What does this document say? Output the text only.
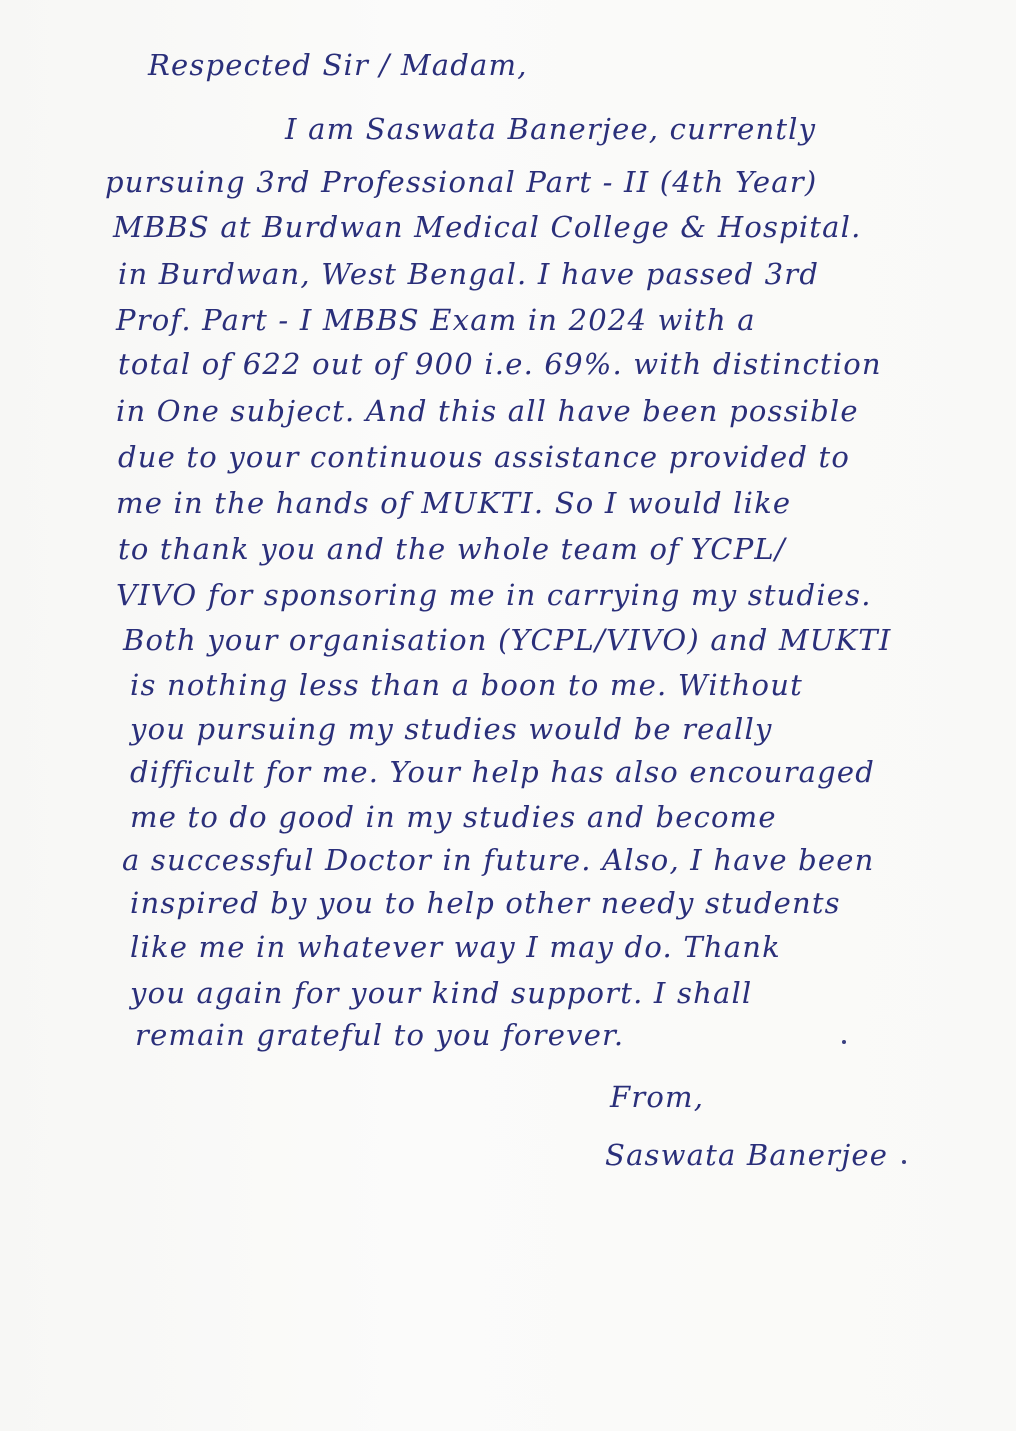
Respected Sir / Madam,
I am Saswata Banerjee, currently
pursuing 3rd Professional Part - II (4th Year)
MBBS at Burdwan Medical College & Hospital.
in Burdwan, West Bengal. I have passed 3rd
Prof. Part - I MBBS Exam in 2024 with a
total of 622 out of 900 i.e. 69%. with distinction
in One subject. And this all have been possible
due to your continuous assistance provided to
me in the hands of MUKTI. So I would like
to thank you and the whole team of YCPL/
VIVO for sponsoring me in carrying my studies.
Both your organisation (YCPL/VIVO) and MUKTI
is nothing less than a boon to me. Without
you pursuing my studies would be really
difficult for me. Your help has also encouraged
me to do good in my studies and become
a successful Doctor in future. Also, I have been
inspired by you to help other needy students
like me in whatever way I may do. Thank
you again for your kind support. I shall
remain grateful to you forever.
From,
Saswata Banerjee
